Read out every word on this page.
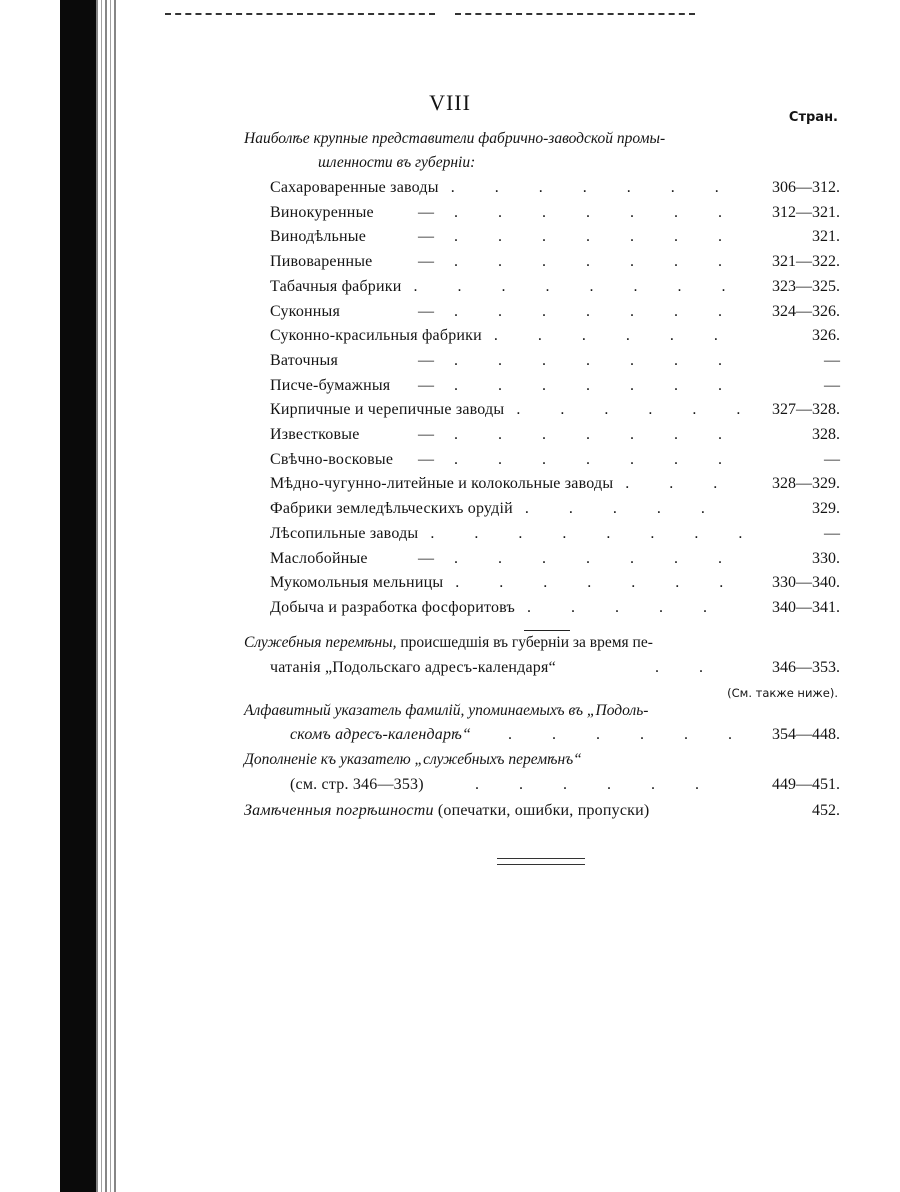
VIII
Стран.
Наиболѣе крупные представители фабрично-заводской промы-
шленности въ губерніи:
Сахароваренные заводы	306—312.
.
Винокуренные	312—321.
—
.
Винодѣльные	321.
—
.
Пивоваренные	321—322.
—
.
Табачныя фабрики	323—325.
.
Суконныя	324—326.
—
.
Суконно-красильныя фабрики	326.
.
Ваточныя	—
—
.
Писче-бумажныя	—
—
.
Кирпичные и черепичные заводы	327—328.
.
Известковые	328.
—
.
Свѣчно-восковые	—
—
.
Мѣдно-чугунно-литейные и колокольные заводы	328—329.
.
Фабрики земледѣльческихъ орудій	329.
.
Лѣсопильные заводы	—
.
Маслобойные	330.
—
.
Мукомольныя мельницы	330—340.
.
Добыча и разработка фосфоритовъ	340—341.
.
Служебныя перемѣны, происшедшія въ губерніи за время пе-
чатанія „Подольскаго адресъ-календаря“ .	346—353.
(См. также ниже).
Алфавитный указатель фамилій, упоминаемыхъ въ „Подоль-
скомъ адресъ-календарѣ“ .	354—448.
Дополненіе къ указателю „служебныхъ перемѣнъ“
(см. стр. 346—353) .	449—451.
Замѣченныя погрѣшности (опечатки, ошибки, пропуски)	452.
